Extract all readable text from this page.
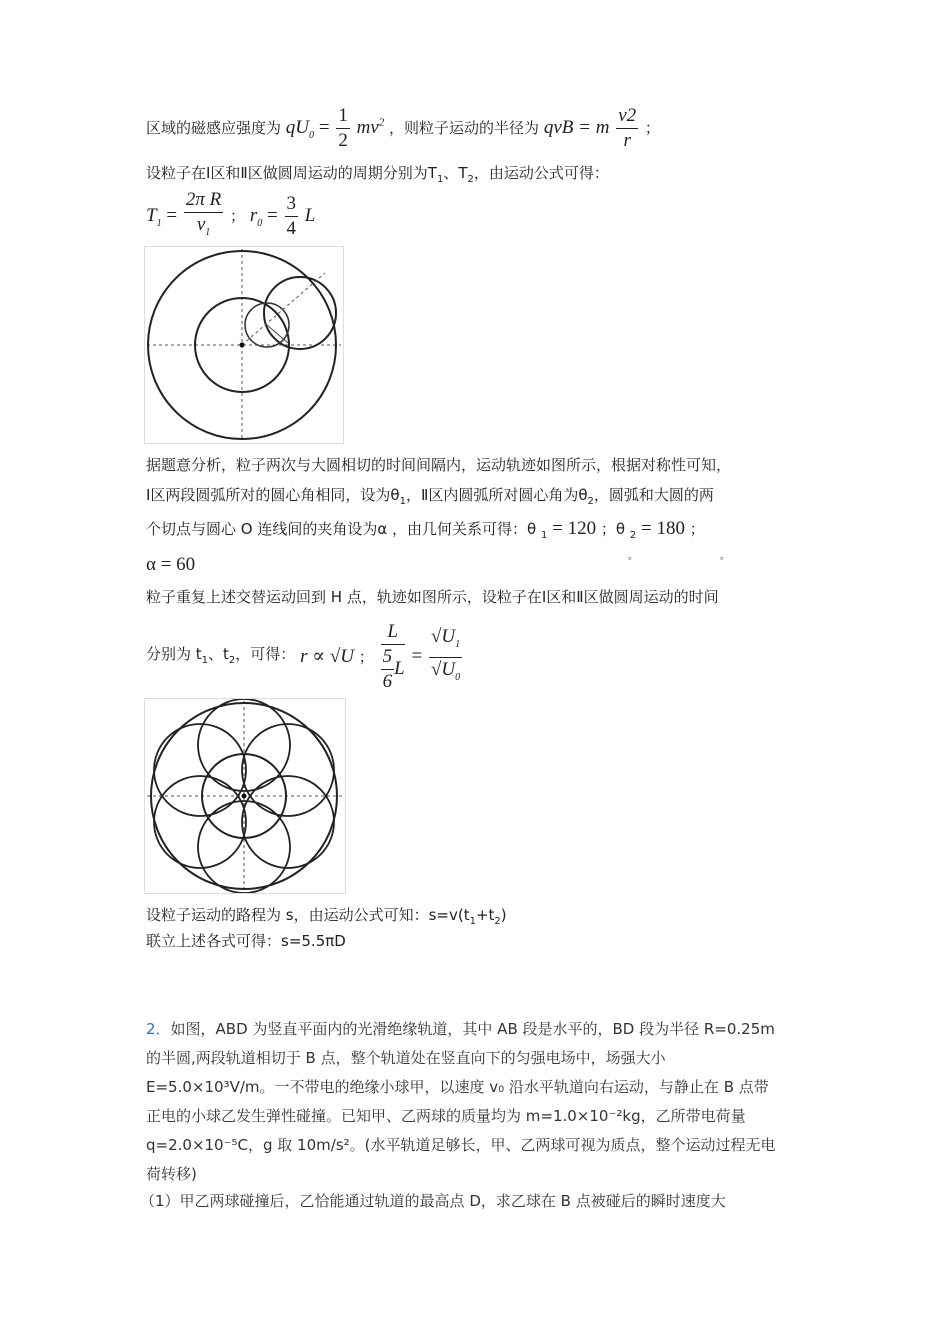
区域的磁感应强度为 $qU_0 = \frac{1}{2} mv^2$ ，则粒子运动的半径为 qvB = m $\frac{v2}{r}$ ；
设粒子在Ⅰ区和Ⅱ区做圆周运动的周期分别为$T_1$、$T_2$，由运动公式可得：
$T_1 = \frac{\text{2π R}}{v_1}$ ； $r_0 = \frac{3}{4}$ L
据题意分析，粒子两次与大圆相切的时间间隔内，运动轨迹如图所示，根据对称性可知，
Ⅰ区两段圆弧所对的圆心角相同，设为$\theta_1$，Ⅱ区内圆弧所对圆心角为$\theta_2$，圆弧和大圆的两
个切点与圆心 O 连线间的夹角设为α ，由几何关系可得：θ $_1$ = 120 ；θ $_2$ = 180 ；
。	。
α = 60
粒子重复上述交替运动回到 H 点，轨迹如图所示，设粒子在Ⅰ区和Ⅱ区做圆周运动的时间
分别为 $t_1$、$t_2$，可得： r ∝ √U ； $\frac{L}{\frac{5}{6} L} = \frac{√U_1}{√U_0}$
设粒子运动的路程为 s，由运动公式可知：$s=v(t_1+t_2)$
联立上述各式可得：s=5.5πD
2．如图，ABD 为竖直平面内的光滑绝缘轨道，其中 AB 段是水平的，BD 段为半径 R=0.25m
的半圆,两段轨道相切于 B 点，整个轨道处在竖直向下的匀强电场中，场强大小
E=5.0×10³V/m。一不带电的绝缘小球甲，以速度 v₀ 沿水平轨道向右运动，与静止在 B 点带
正电的小球乙发生弹性碰撞。已知甲、乙两球的质量均为 m=1.0×10⁻²kg，乙所带电荷量
q=2.0×10⁻⁵C，g 取 10m/s²。(水平轨道足够长，甲、乙两球可视为质点，整个运动过程无电
荷转移)
（1）甲乙两球碰撞后，乙恰能通过轨道的最高点 D，求乙球在 B 点被碰后的瞬时速度大
